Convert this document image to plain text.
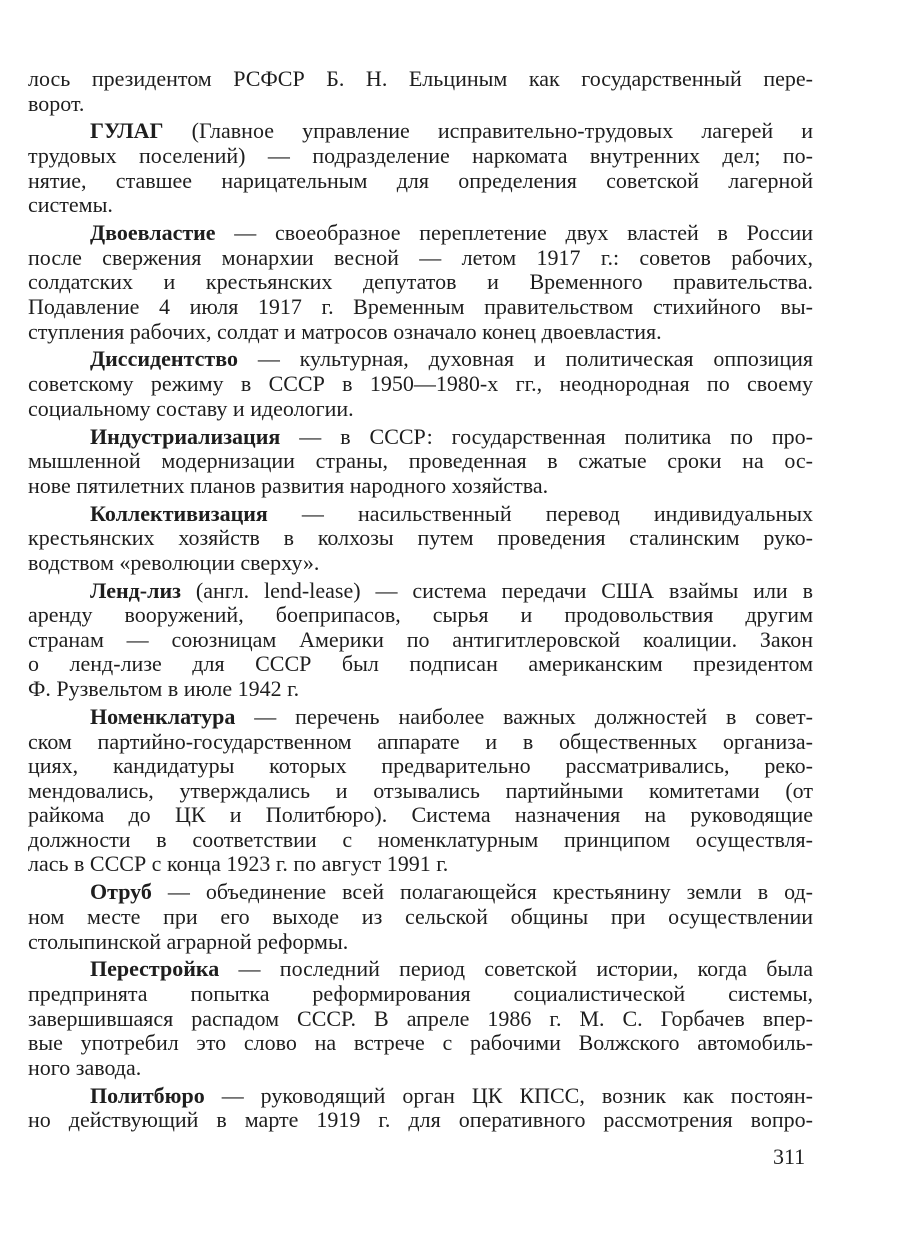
лось президентом РСФСР Б. Н. Ельциным как государственный пере-
ворот.
ГУЛАГ (Главное управление исправительно-трудовых лагерей и
трудовых поселений) — подразделение наркомата внутренних дел; по-
нятие, ставшее нарицательным для определения советской лагерной
системы.
Двоевластие — своеобразное переплетение двух властей в России
после свержения монархии весной — летом 1917 г.: советов рабочих,
солдатских и крестьянских депутатов и Временного правительства.
Подавление 4 июля 1917 г. Временным правительством стихийного вы-
ступления рабочих, солдат и матросов означало конец двоевластия.
Диссидентство — культурная, духовная и политическая оппозиция
советскому режиму в СССР в 1950—1980-х гг., неоднородная по своему
социальному составу и идеологии.
Индустриализация — в СССР: государственная политика по про-
мышленной модернизации страны, проведенная в сжатые сроки на ос-
нове пятилетних планов развития народного хозяйства.
Коллективизация — насильственный перевод индивидуальных
крестьянских хозяйств в колхозы путем проведения сталинским руко-
водством «революции сверху».
Ленд-лиз (англ. lend-lease) — система передачи США взаймы или в
аренду вооружений, боеприпасов, сырья и продовольствия другим
странам — союзницам Америки по антигитлеровской коалиции. Закон
о ленд-лизе для СССР был подписан американским президентом
Ф. Рузвельтом в июле 1942 г.
Номенклатура — перечень наиболее важных должностей в совет-
ском партийно-государственном аппарате и в общественных организа-
циях, кандидатуры которых предварительно рассматривались, реко-
мендовались, утверждались и отзывались партийными комитетами (от
райкома до ЦК и Политбюро). Система назначения на руководящие
должности в соответствии с номенклатурным принципом осуществля-
лась в СССР с конца 1923 г. по август 1991 г.
Отруб — объединение всей полагающейся крестьянину земли в од-
ном месте при его выходе из сельской общины при осуществлении
столыпинской аграрной реформы.
Перестройка — последний период советской истории, когда была
предпринята попытка реформирования социалистической системы,
завершившаяся распадом СССР. В апреле 1986 г. М. С. Горбачев впер-
вые употребил это слово на встрече с рабочими Волжского автомобиль-
ного завода.
Политбюро — руководящий орган ЦК КПСС, возник как постоян-
но действующий в марте 1919 г. для оперативного рассмотрения вопро-
311
